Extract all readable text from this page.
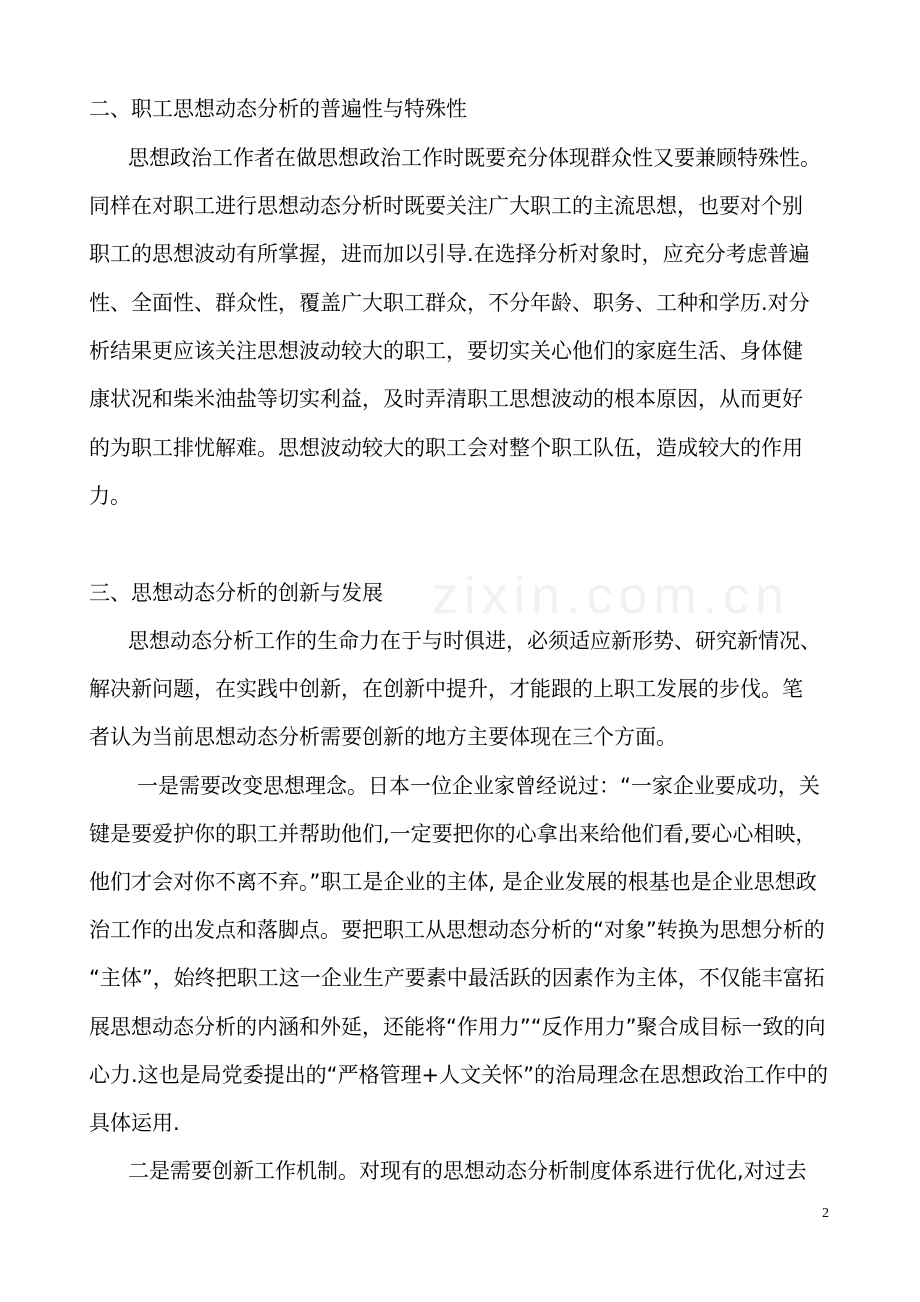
zixin.com.cn
二、职工思想动态分析的普遍性与特殊性
思想政治工作者在做思想政治工作时既要充分体现群众性又要兼顾特殊性。
同样在对职工进行思想动态分析时既要关注广大职工的主流思想，也要对个别
职工的思想波动有所掌握，进而加以引导.在选择分析对象时，应充分考虑普遍
性、全面性、群众性，覆盖广大职工群众，不分年龄、职务、工种和学历.对分
析结果更应该关注思想波动较大的职工，要切实关心他们的家庭生活、身体健
康状况和柴米油盐等切实利益，及时弄清职工思想波动的根本原因，从而更好
的为职工排忧解难。思想波动较大的职工会对整个职工队伍，造成较大的作用
力。
三、思想动态分析的创新与发展
思想动态分析工作的生命力在于与时俱进，必须适应新形势、研究新情况、
解决新问题，在实践中创新，在创新中提升，才能跟的上职工发展的步伐。笔
者认为当前思想动态分析需要创新的地方主要体现在三个方面。
一是需要改变思想理念。日本一位企业家曾经说过：“一家企业要成功，关
键是要爱护你的职工并帮助他们,一定要把你的心拿出来给他们看,要心心相映，
他们才会对你不离不弃。”职工是企业的主体, 是企业发展的根基也是企业思想政
治工作的出发点和落脚点。要把职工从思想动态分析的“对象”转换为思想分析的
“主体”，始终把职工这一企业生产要素中最活跃的因素作为主体，不仅能丰富拓
展思想动态分析的内涵和外延，还能将“作用力”“反作用力”聚合成目标一致的向
心力.这也是局党委提出的“严格管理+人文关怀”的治局理念在思想政治工作中的
具体运用.
二是需要创新工作机制。对现有的思想动态分析制度体系进行优化,对过去
2
